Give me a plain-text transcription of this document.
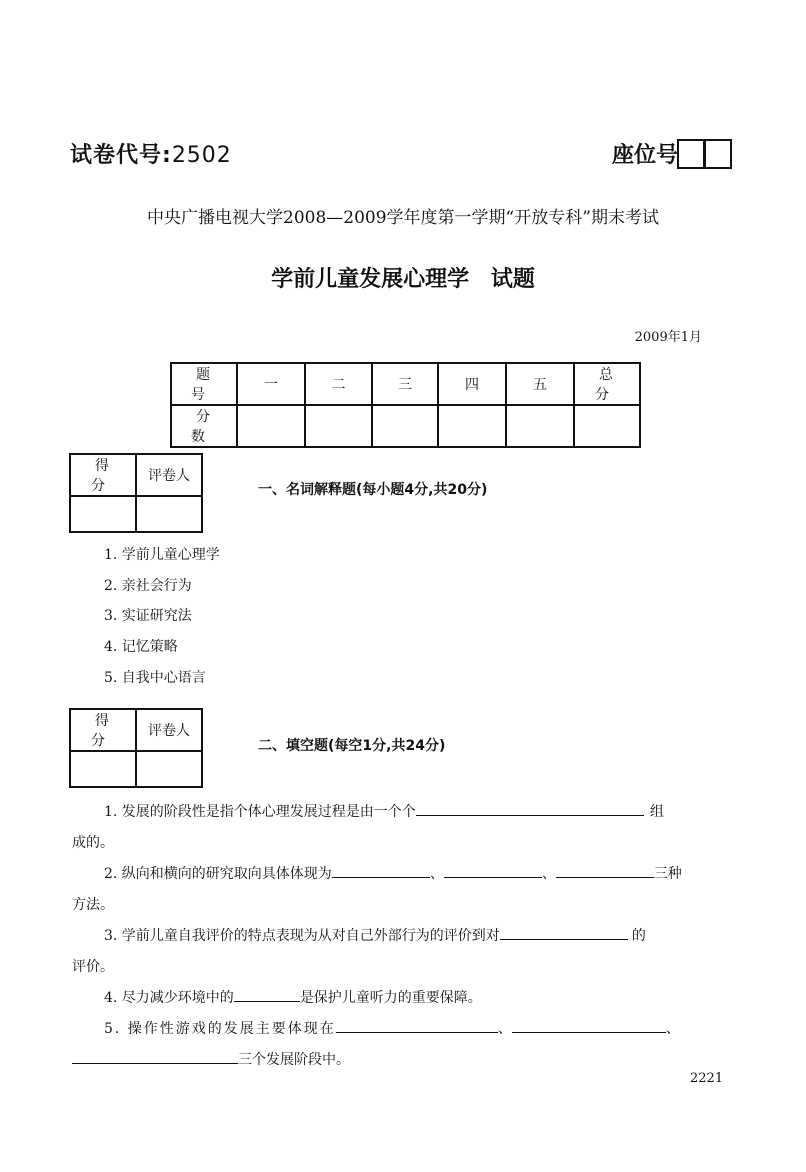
试卷代号:2502	座位号
中央广播电视大学2008—2009学年度第一学期“开放专科”期末考试
学前儿童发展心理学 试题
2009年1月
题 号	一	二	三	四	五	总 分
分 数						
得 分	评卷人

一、名词解释题(每小题4分,共20分)
1. 学前儿童心理学
2. 亲社会行为
3. 实证研究法
4. 记忆策略
5. 自我中心语言
得 分	评卷人

二、填空题(每空1分,共24分)
1. 发展的阶段性是指个体心理发展过程是由一个个	组
成的。
2. 纵向和横向的研究取向具体体现为	、	、	三种
方法。
3. 学前儿童自我评价的特点表现为从对自己外部行为的评价到对	的
评价。
4. 尽力减少环境中的	是保护儿童听力的重要保障。
5. 操作性游戏的发展主要体现在	、	、
三个发展阶段中。
2221
